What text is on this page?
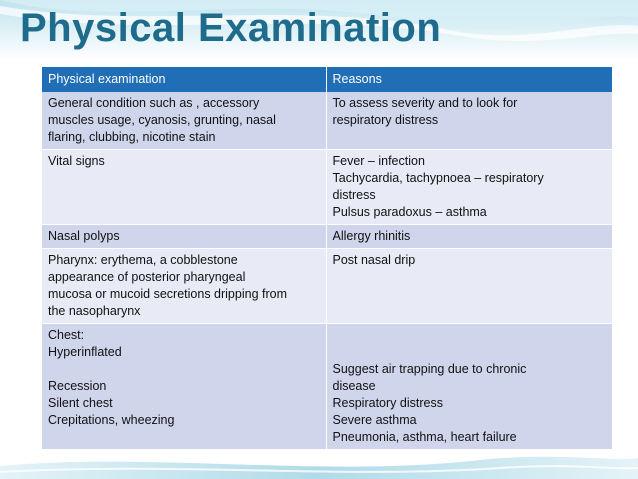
Physical Examination
Physical examination	Reasons

General condition such as , accessory
muscles usage, cyanosis, grunting, nasal
flaring, clubbing, nicotine stain	To assess severity and to look for
respiratory distress

Vital signs	Fever – infection
Tachycardia, tachypnoea – respiratory
distress
Pulsus paradoxus – asthma

Nasal polyps	Allergy rhinitis

Pharynx: erythema, a cobblestone
appearance of posterior pharyngeal
mucosa or mucoid secretions dripping from
the nasopharynx	Post nasal drip

Chest:
Hyperinflated
Recession
Silent chest
Crepitations, wheezing	Suggest air trapping due to chronic
disease
Respiratory distress
Severe asthma
Pneumonia, asthma, heart failure
